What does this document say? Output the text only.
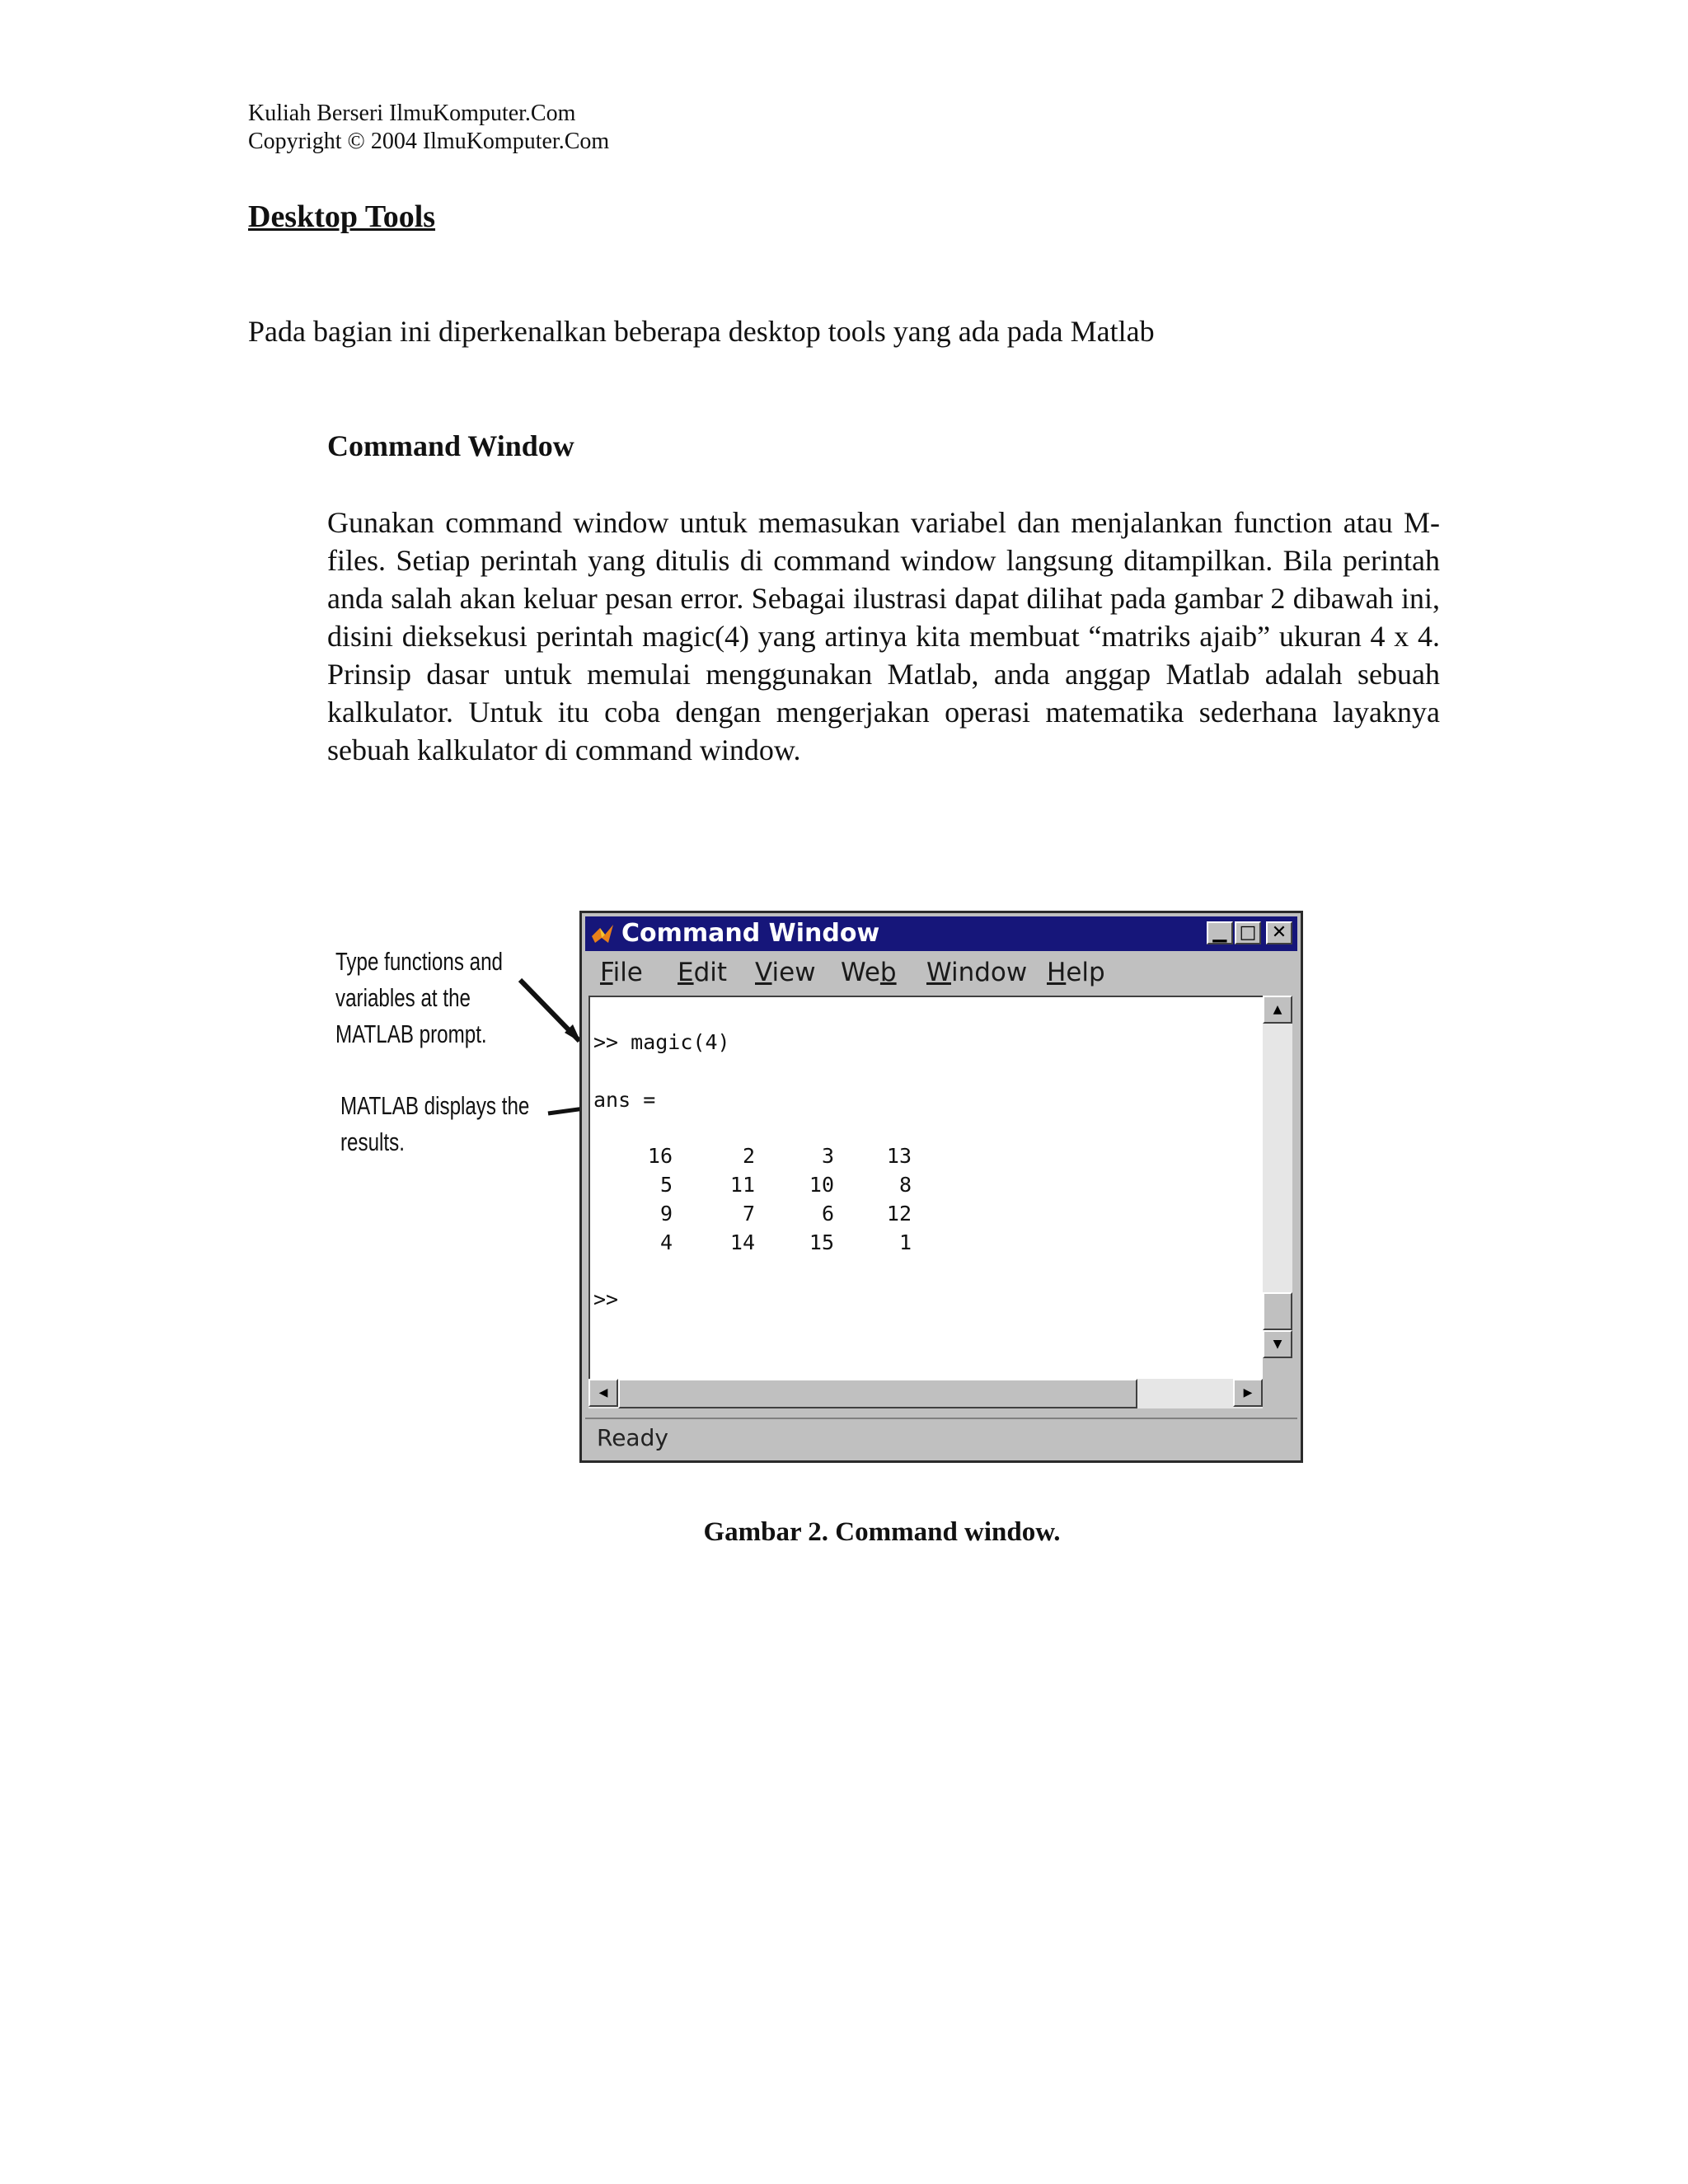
Kuliah Berseri IlmuKomputer.Com
Copyright © 2004 IlmuKomputer.Com
Desktop Tools
Pada bagian ini diperkenalkan beberapa desktop tools yang ada pada Matlab
Command Window
Gunakan command window untuk memasukan variabel dan menjalankan function atau M-files. Setiap perintah yang ditulis di command window langsung ditampilkan. Bila perintah anda salah akan keluar pesan error. Sebagai ilustrasi dapat dilihat pada gambar 2 dibawah ini, disini dieksekusi perintah magic(4) yang artinya kita membuat “matriks ajaib” ukuran 4 x 4. Prinsip dasar untuk memulai menggunakan Matlab, anda anggap Matlab adalah sebuah kalkulator. Untuk itu coba dengan mengerjakan operasi matematika sederhana layaknya sebuah kalkulator di command window.
Type functions and
variables at the
MATLAB prompt.
MATLAB displays the
results.
Command Window	▁ □ ✕
File Edit View Web Window Help
>> magic(4)
ans =
16	2	3	13
5	11	10	8
9	7	6	12
4	14	15	1
>>
▲
▼
◀	▶
Ready
Gambar 2. Command window.
